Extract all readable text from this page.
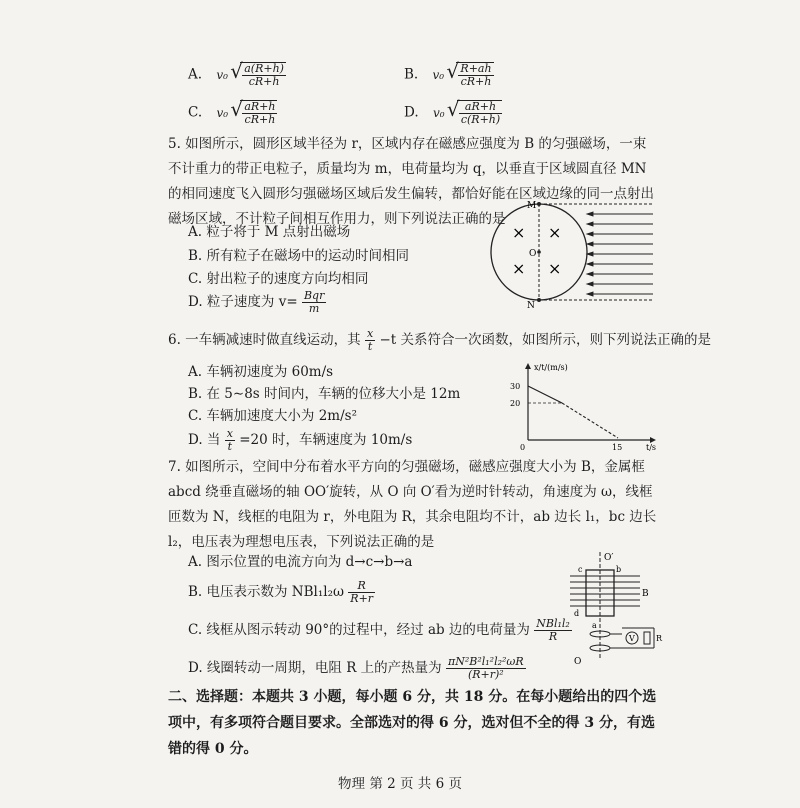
A. v₀ √ $\frac{a(R+h)}{cR+h}$	B. v₀ √ $\frac{R+ah}{cR+h}$
C. v₀ √ $\frac{aR+h}{cR+h}$	D. v₀ √ $\frac{aR+h}{c(R+h)}$
5. 如图所示，圆形区域半径为 r，区域内存在磁感应强度为 B 的匀强磁场，一束不计重力的带正电粒子，质量均为 m，电荷量均为 q，以垂直于区域圆直径 MN 的相同速度飞入圆形匀强磁场区域后发生偏转，都恰好能在区域边缘的同一点射出磁场区域，不计粒子间相互作用力，则下列说法正确的是
A. 粒子将于 M 点射出磁场
B. 所有粒子在磁场中的运动时间相同
C. 射出粒子的速度方向均相同
D. 粒子速度为 $v= \frac{\text{Bqr}}{m}$
M
O
N
× ×
× ×
6. 一车辆减速时做直线运动，其 $\frac{x}{t} -t$ 关系符合一次函数，如图所示，则下列说法正确的是
A. 车辆初速度为 60m/s
B. 在 5∼8s 时间内，车辆的位移大小是 12m
C. 车辆加速度大小为 2m/s²
D. 当 $\frac{x}{t} =20$ 时，车辆速度为 10m/s
x/t/(m/s)
t/s
30
20
0	15
7. 如图所示，空间中分布着水平方向的匀强磁场，磁感应强度大小为 B，金属框 abcd 绕垂直磁场的轴 OO′旋转，从 O 向 O′看为逆时针转动，角速度为 ω，线框匝数为 N，线框的电阻为 r，外电阻为 R，其余电阻均不计，ab 边长 l₁，bc 边长 l₂，电压表为理想电压表，下列说法正确的是
A. 图示位置的电流方向为 d→c→b→a
B. 电压表示数为 $NBl_1l_2\omega \frac{R}{R+r}$
C. 线框从图示转动 90°的过程中，经过 ab 边的电荷量为 $\frac{\text{NBl₁l₂}}{R}$
D. 线圈转动一周期，电阻 R 上的产热量为 $\frac{\text{πN²B²l₁²l₂²ωR}}{\text{(R+r)²}}$
O′
O
B
c	b
d
a
V	R
二、选择题：本题共 3 小题，每小题 6 分，共 18 分。在每小题给出的四个选项中，有多项符合题目要求。全部选对的得 6 分，选对但不全的得 3 分，有选错的得 0 分。
物理 第 2 页 共 6 页
